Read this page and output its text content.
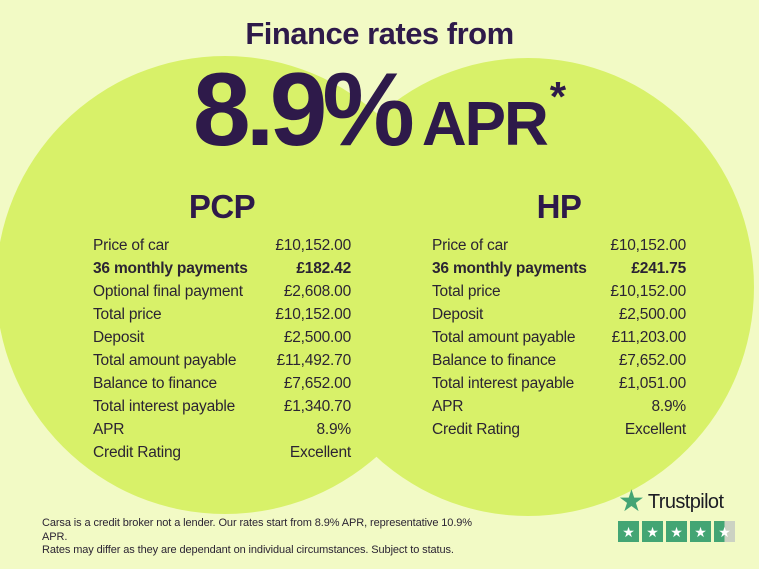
Finance rates from
8.9% APR *
PCP
Price of car	£10,152.00
36 monthly payments	£182.42
Optional final payment	£2,608.00
Total price	£10,152.00
Deposit	£2,500.00
Total amount payable	£11,492.70
Balance to finance	£7,652.00
Total interest payable	£1,340.70
APR	8.9%
Credit Rating	Excellent
HP
Price of car	£10,152.00
36 monthly payments	£241.75
Total price	£10,152.00
Deposit	£2,500.00
Total amount payable £11,203.00
Balance to finance	£7,652.00
Total interest payable	£1,051.00
APR	8.9%
Credit Rating	Excellent
Carsa is a credit broker not a lender. Our rates start from 8.9% APR, representative 10.9% APR.
Rates may differ as they are dependant on individual circumstances. Subject to status.
★ Trustpilot
★ ★ ★ ★ ★
